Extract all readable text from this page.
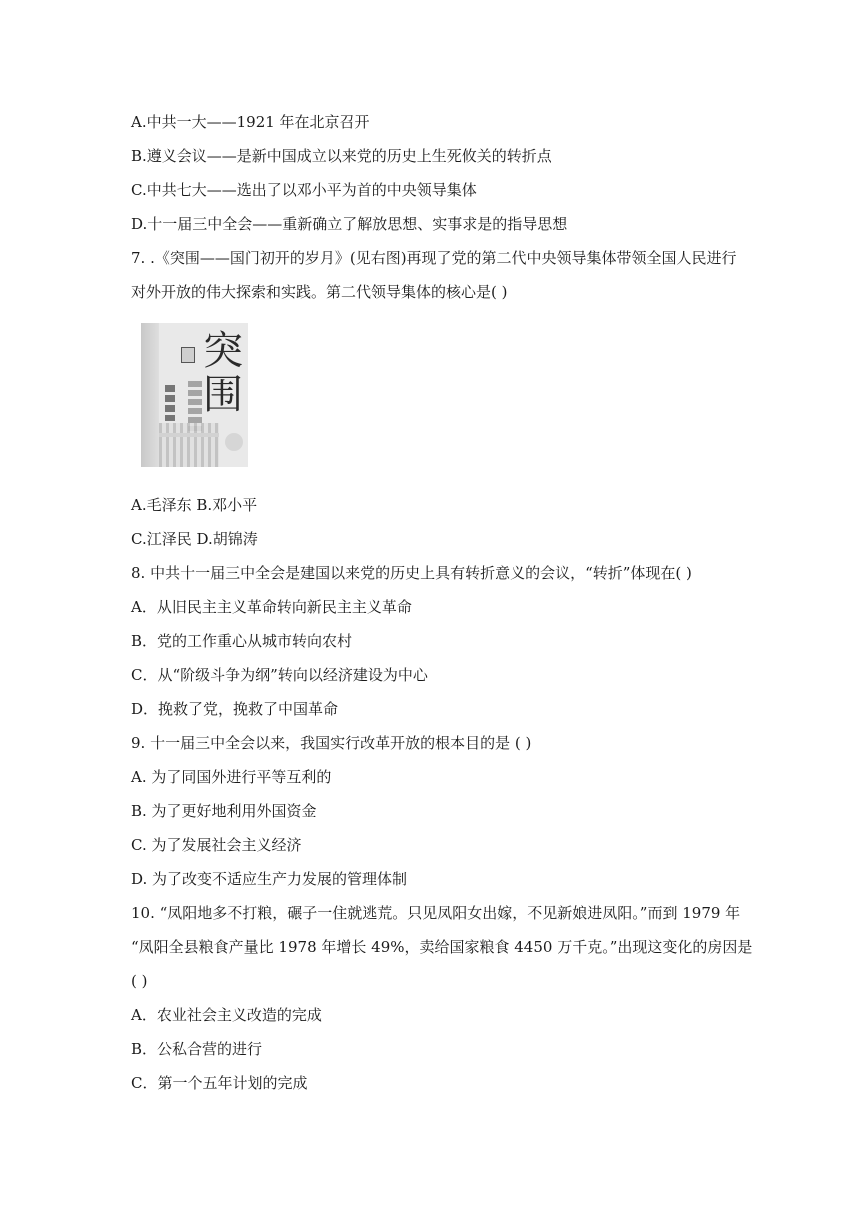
A.中共一大——1921 年在北京召开
B.遵义会议——是新中国成立以来党的历史上生死攸关的转折点
C.中共七大——选出了以邓小平为首的中央领导集体
D.十一届三中全会——重新确立了解放思想、实事求是的指导思想
7. .《突围——国门初开的岁月》(见右图)再现了党的第二代中央领导集体带领全国人民进行
对外开放的伟大探索和实践。第二代领导集体的核心是( )
突围
A.毛泽东 B.邓小平
C.江泽民 D.胡锦涛
8. 中共十一届三中全会是建国以来党的历史上具有转折意义的会议，“转折”体现在( )
A．从旧民主主义革命转向新民主主义革命
B．党的工作重心从城市转向农村
C．从“阶级斗争为纲”转向以经济建设为中心
D．挽救了党，挽救了中国革命
9. 十一届三中全会以来，我国实行改革开放的根本目的是 ( )
A. 为了同国外进行平等互利的
B. 为了更好地利用外国资金
C. 为了发展社会主义经济
D. 为了改变不适应生产力发展的管理体制
10. “凤阳地多不打粮，碾子一住就逃荒。只见凤阳女出嫁，不见新娘进凤阳。”而到 1979 年
“凤阳全县粮食产量比 1978 年增长 49%，卖给国家粮食 4450 万千克。”出现这变化的房因是
( )
A．农业社会主义改造的完成
B．公私合营的进行
C．第一个五年计划的完成
